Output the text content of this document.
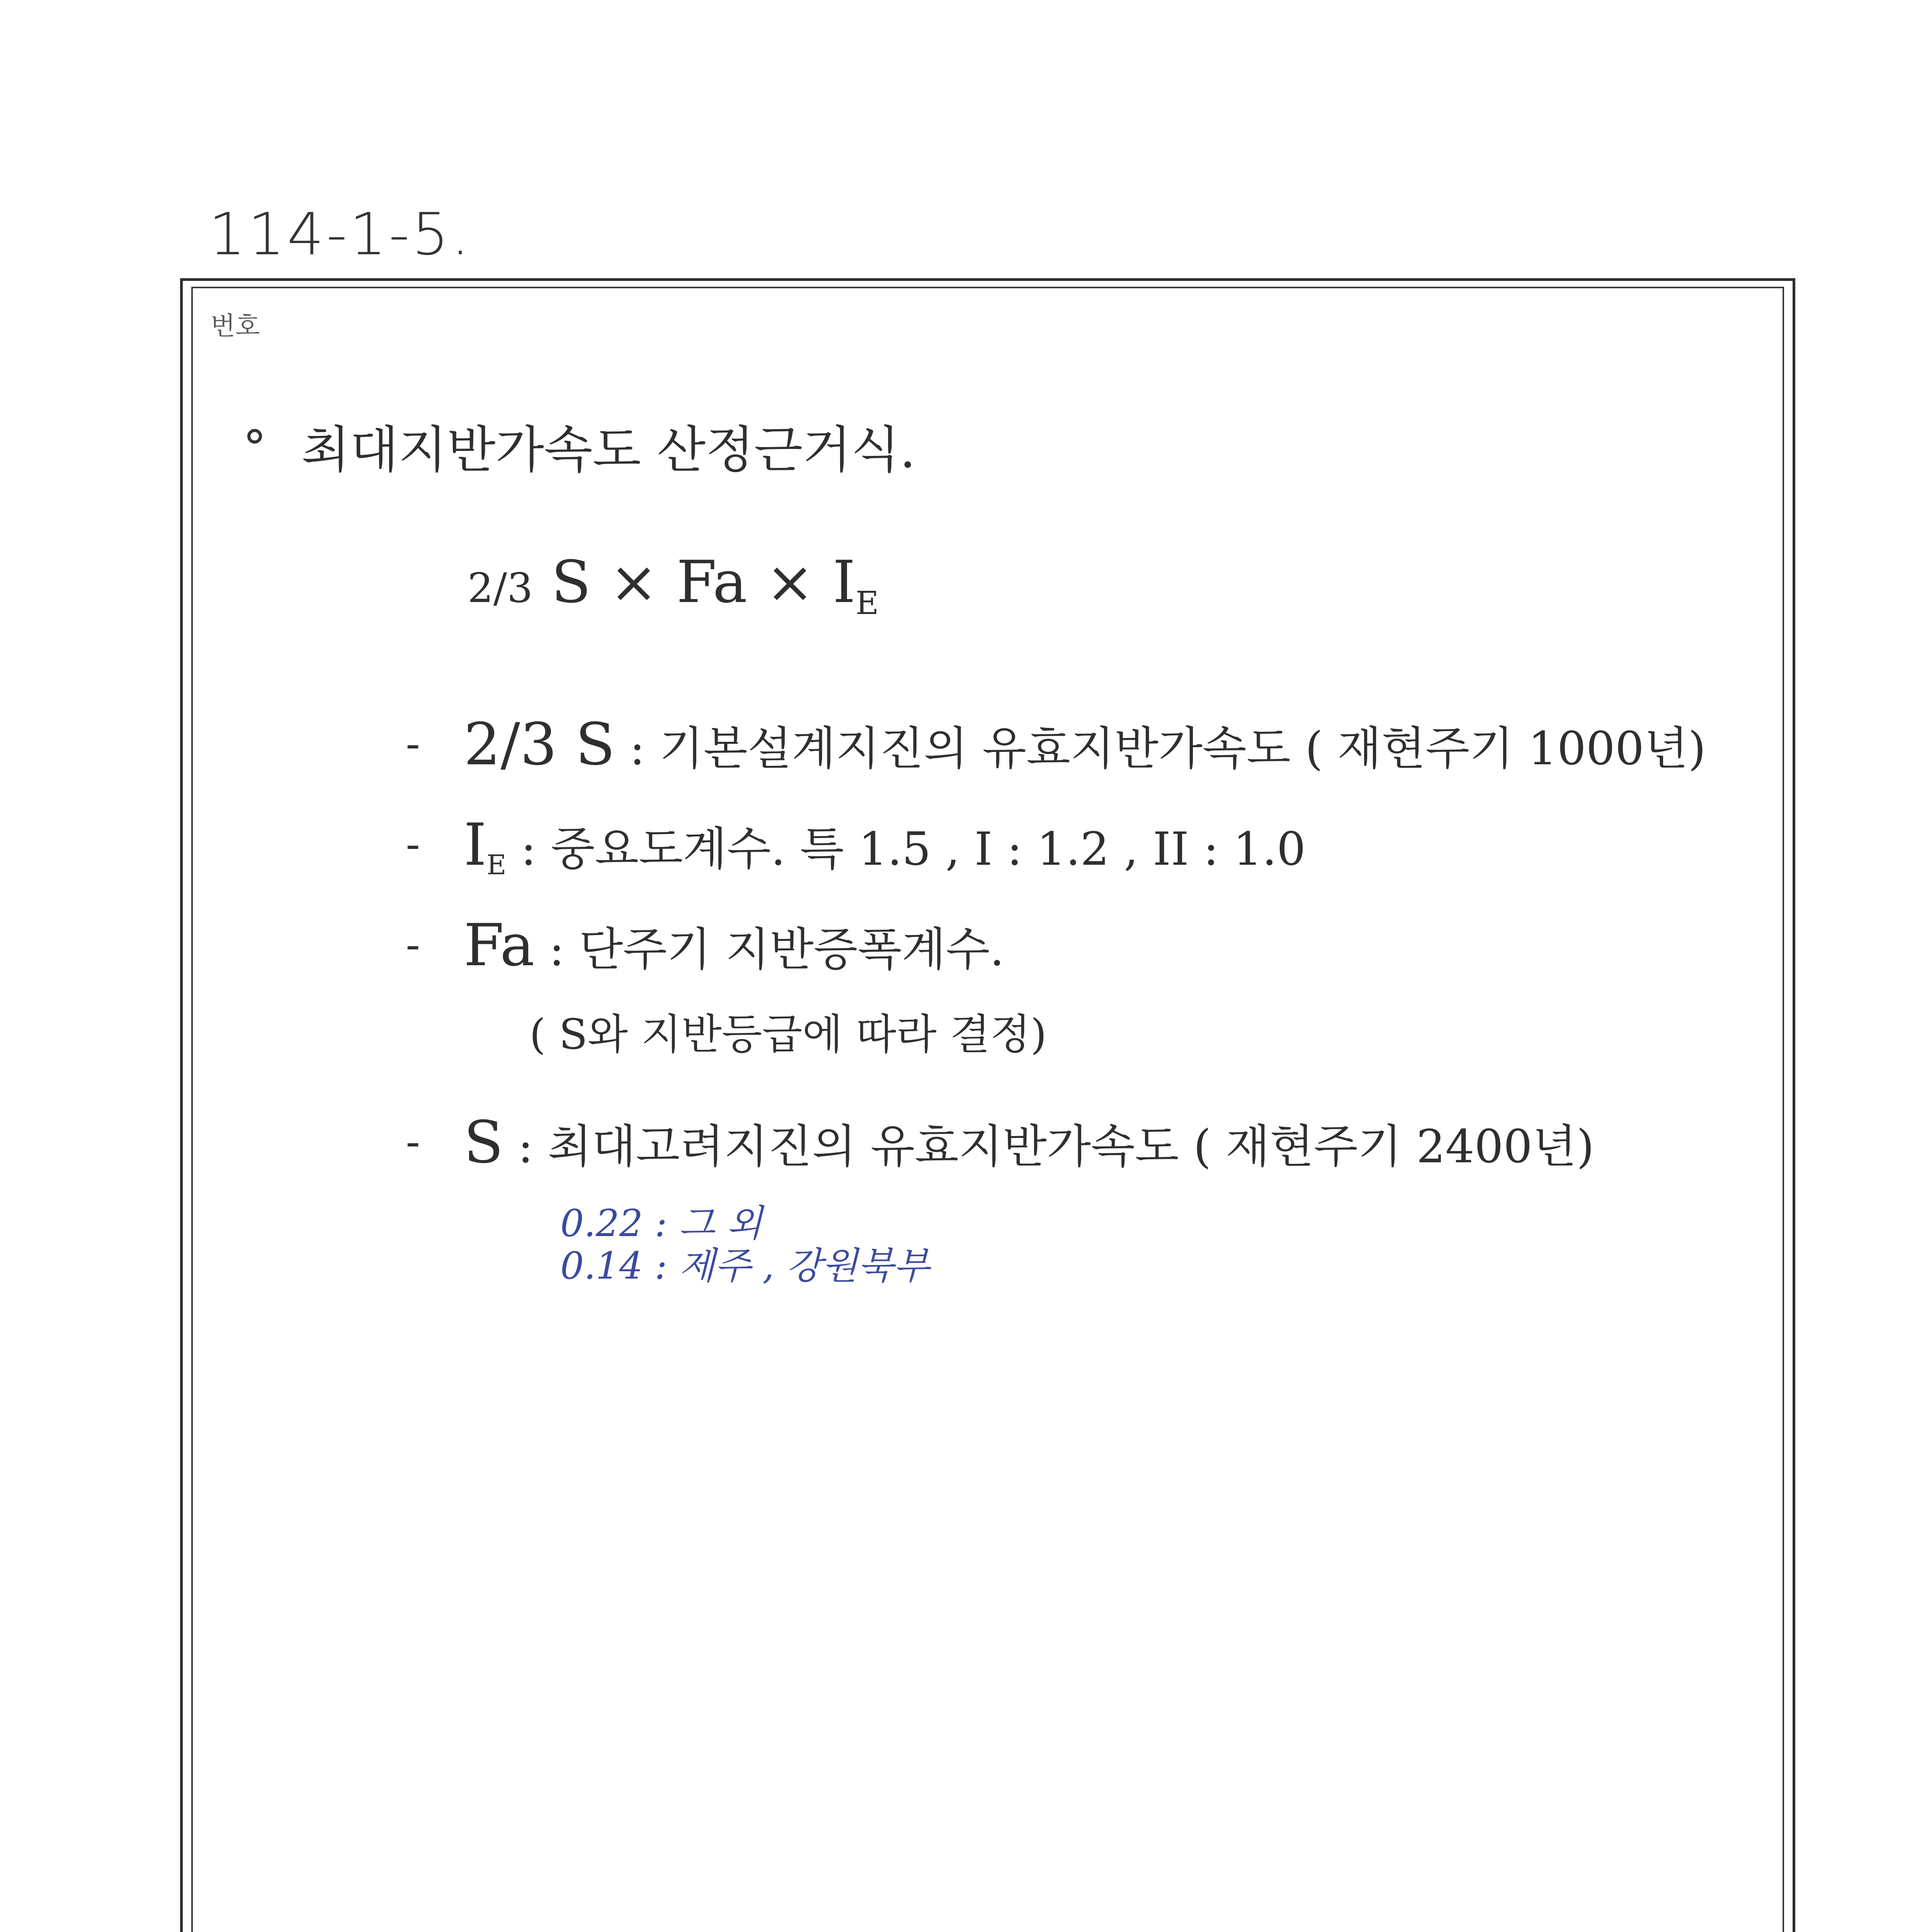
114-1-5.
번호
최대지반가속도 산정근거식.
2/3 $S \times Fa \times I_E$
- 2/3 S : 기본설계지진의 유효지반가속도 ( 재현주기 1000년)
- $I_E$ : 중요도계수. 특 1.5 , I : 1.2 , II : 1.0
- Fa : 단주기 지반증폭계수.
( S와 지반등급에 따라 결정)
- S : 최대고려지진의 유효지반가속도 ( 재현주기 2400년)
0.22 : 그 외
0.14 : 제주 , 강원북부
